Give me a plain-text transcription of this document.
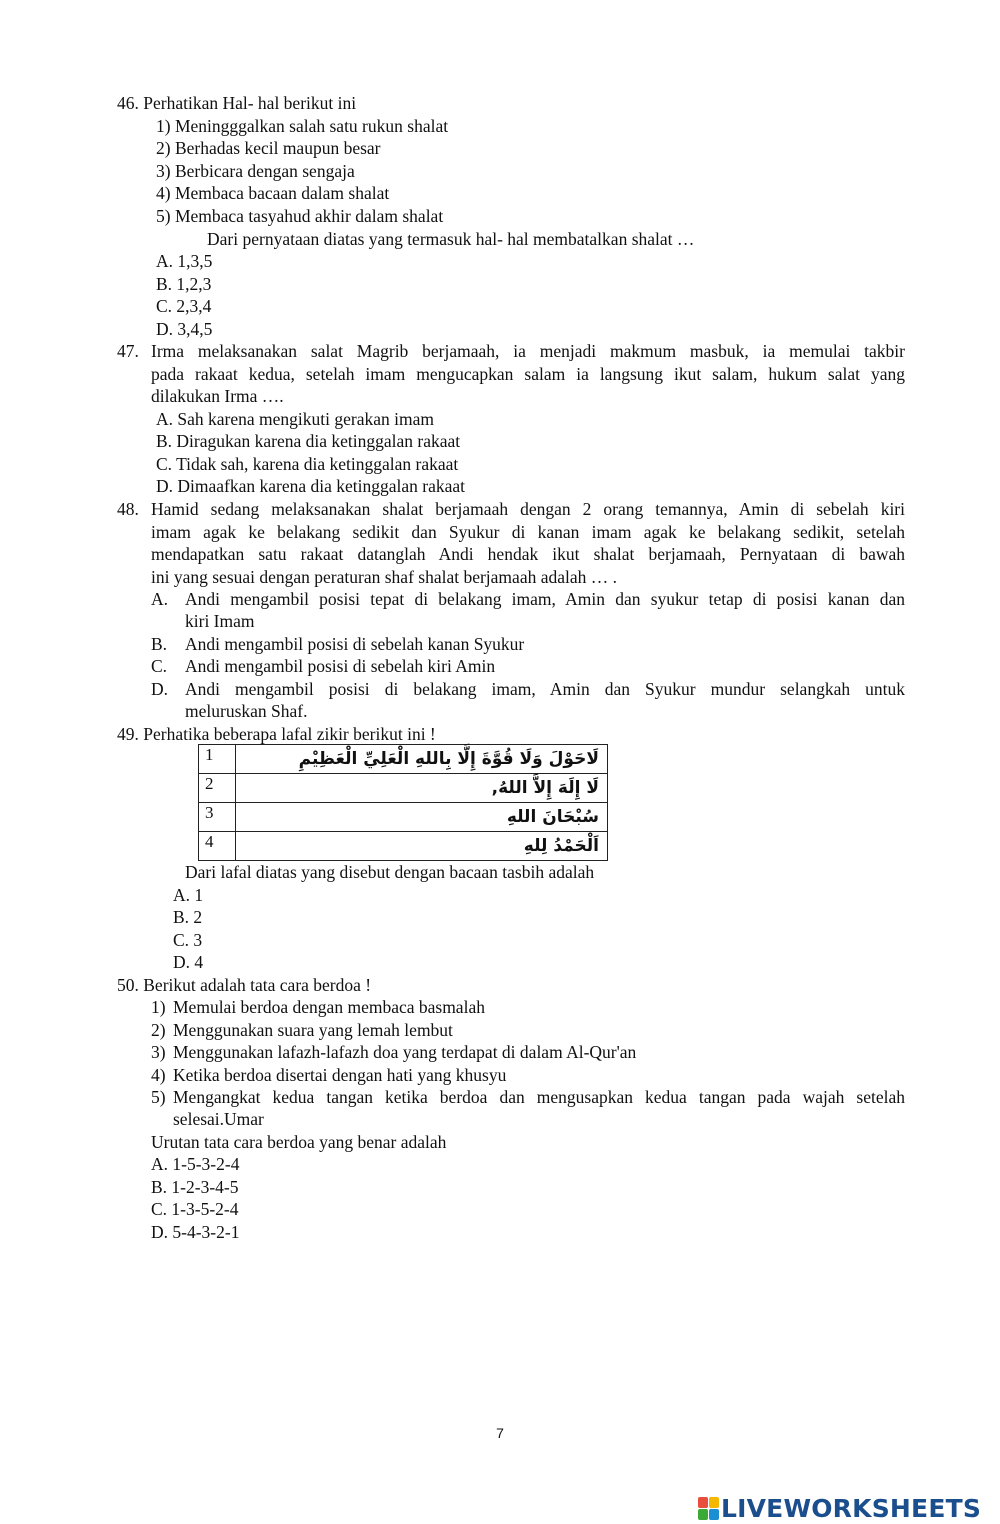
46. Perhatikan Hal- hal berikut ini
1) Meningggalkan salah satu rukun shalat
2) Berhadas kecil maupun besar
3) Berbicara dengan sengaja
4) Membaca bacaan dalam shalat
5) Membaca tasyahud akhir dalam shalat
Dari pernyataan diatas yang termasuk hal- hal membatalkan shalat …
A. 1,3,5
B. 1,2,3
C. 2,3,4
D. 3,4,5
47. Irma melaksanakan salat Magrib berjamaah, ia menjadi makmum masbuk, ia memulai takbir
pada rakaat kedua, setelah imam mengucapkan salam ia langsung ikut salam, hukum salat yang
dilakukan Irma ….
A. Sah karena mengikuti gerakan imam
B. Diragukan karena dia ketinggalan rakaat
C. Tidak sah, karena dia ketinggalan rakaat
D. Dimaafkan karena dia ketinggalan rakaat
48. Hamid sedang melaksanakan shalat berjamaah dengan 2 orang temannya, Amin di sebelah kiri
imam agak ke belakang sedikit dan Syukur di kanan imam agak ke belakang sedikit, setelah
mendapatkan satu rakaat datanglah Andi hendak ikut shalat berjamaah, Pernyataan di bawah
ini yang sesuai dengan peraturan shaf shalat berjamaah adalah … .
A. Andi mengambil posisi tepat di belakang imam, Amin dan syukur tetap di posisi kanan dan
kiri Imam
B. Andi mengambil posisi di sebelah kanan Syukur
C. Andi mengambil posisi di sebelah kiri Amin
D. Andi mengambil posisi di belakang imam, Amin dan Syukur mundur selangkah untuk
meluruskan Shaf.
49. Perhatika beberapa lafal zikir berikut ini !
1	لَاحَوْلَ وَلَا قُوَّةَ إِلَّا بِاللهِ الْعَلِيِّ الْعَظِيْمِ
2	لَا إِلَهَ إِلاَّ اللهُ,
3	سُبْحَانَ اللهِ
4	اَلْحَمْدُ لِلهِ
Dari lafal diatas yang disebut dengan bacaan tasbih adalah
A. 1
B. 2
C. 3
D. 4
50. Berikut adalah tata cara berdoa !
1) Memulai berdoa dengan membaca basmalah
2) Menggunakan suara yang lemah lembut
3) Menggunakan lafazh-lafazh doa yang terdapat di dalam Al-Qur'an
4) Ketika berdoa disertai dengan hati yang khusyu
5) Mengangkat kedua tangan ketika berdoa dan mengusapkan kedua tangan pada wajah setelah
selesai.Umar
Urutan tata cara berdoa yang benar adalah
A. 1-5-3-2-4
B. 1-2-3-4-5
C. 1-3-5-2-4
D. 5-4-3-2-1
7
LIVEWORKSHEETS
